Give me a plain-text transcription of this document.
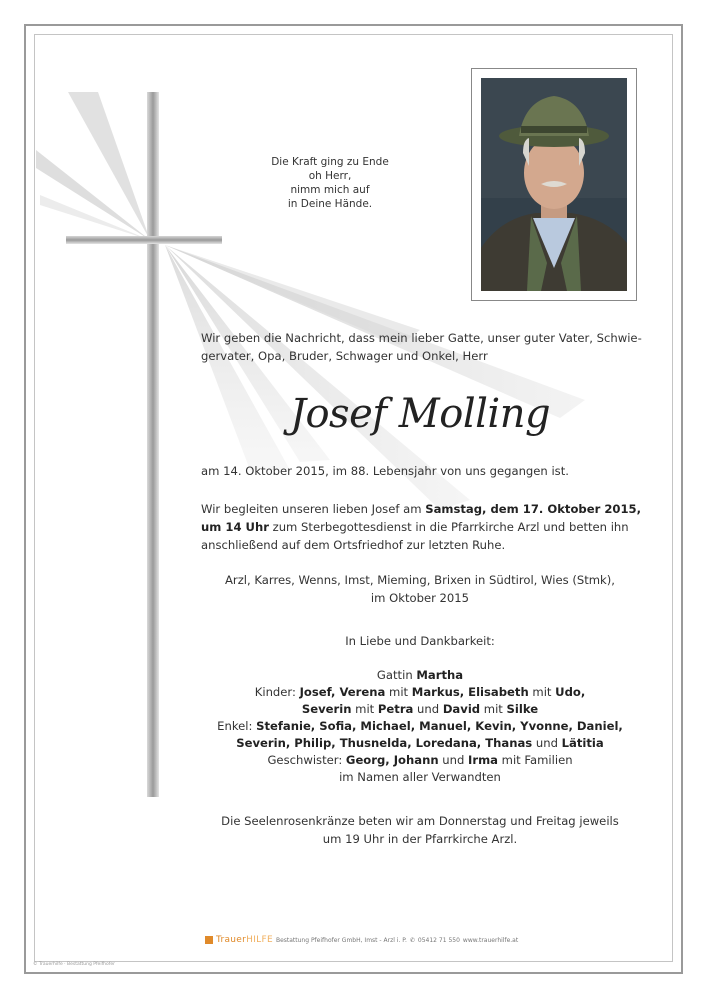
Die Kraft ging zu Ende
oh Herr,
nimm mich auf
in Deine Hände.
Wir geben die Nachricht, dass mein lieber Gatte, unser guter Vater, Schwie-
gervater, Opa, Bruder, Schwager und Onkel, Herr
Josef Molling
am 14. Oktober 2015, im 88. Lebensjahr von uns gegangen ist.
Wir begleiten unseren lieben Josef am Samstag, dem 17. Oktober 2015,
um 14 Uhr zum Sterbegottesdienst in die Pfarrkirche Arzl und betten ihn
anschließend auf dem Ortsfriedhof zur letzten Ruhe.
Arzl, Karres, Wenns, Imst, Mieming, Brixen in Südtirol, Wies (Stmk),
im Oktober 2015
In Liebe und Dankbarkeit:
Gattin Martha
Kinder: Josef, Verena mit Markus, Elisabeth mit Udo,
Severin mit Petra und David mit Silke
Enkel: Stefanie, Sofia, Michael, Manuel, Kevin, Yvonne, Daniel,
Severin, Philip, Thusnelda, Loredana, Thanas und Lätitia
Geschwister: Georg, Johann und Irma mit Familien
im Namen aller Verwandten
Die Seelenrosenkränze beten wir am Donnerstag und Freitag jeweils
um 19 Uhr in der Pfarrkirche Arzl.
TrauerHILFE Bestattung Pfeifhofer GmbH, Imst - Arzl i. P. ✆ 05412 71 550 www.trauerhilfe.at
© Trauerhilfe · Bestattung Pfeifhofer
